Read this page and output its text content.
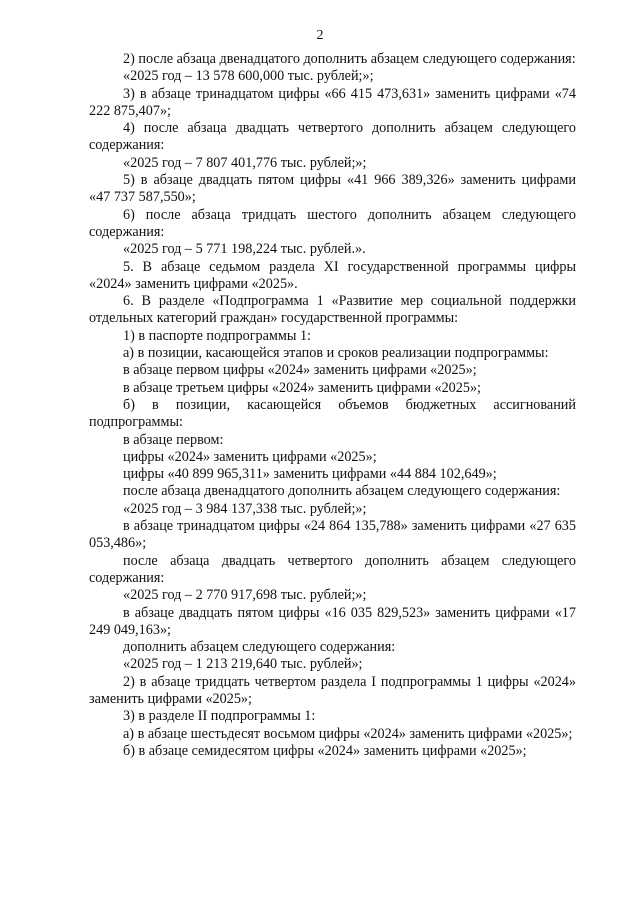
2

2) после абзаца двенадцатого дополнить абзацем следующего содержания:

«2025 год – 13 578 600,000 тыс. рублей;»;

3) в абзаце тринадцатом цифры «66 415 473,631» заменить цифрами «74 222 875,407»;

4) после абзаца двадцать четвертого дополнить абзацем следующего содержания:

«2025 год – 7 807 401,776 тыс. рублей;»;

5) в абзаце двадцать пятом цифры «41 966 389,326» заменить цифрами «47 737 587,550»;

6) после абзаца тридцать шестого дополнить абзацем следующего содержания:

«2025 год – 5 771 198,224 тыс. рублей.».

5. В абзаце седьмом раздела XI государственной программы цифры «2024» заменить цифрами «2025».

6. В разделе «Подпрограмма 1 «Развитие мер социальной поддержки отдельных категорий граждан» государственной программы:

1) в паспорте подпрограммы 1:

а) в позиции, касающейся этапов и сроков реализации подпрограммы:

в абзаце первом цифры «2024» заменить цифрами «2025»;

в абзаце третьем цифры «2024» заменить цифрами «2025»;

б) в позиции, касающейся объемов бюджетных ассигнований подпрограммы:

в абзаце первом:

цифры «2024» заменить цифрами «2025»;

цифры «40 899 965,311» заменить цифрами «44 884 102,649»;

после абзаца двенадцатого дополнить абзацем следующего содержания:

«2025 год – 3 984 137,338 тыс. рублей;»;

в абзаце тринадцатом цифры «24 864 135,788» заменить цифрами «27 635 053,486»;

после абзаца двадцать четвертого дополнить абзацем следующего содержания:

«2025 год – 2 770 917,698 тыс. рублей;»;

в абзаце двадцать пятом цифры «16 035 829,523» заменить цифрами «17 249 049,163»;

дополнить абзацем следующего содержания:

«2025 год – 1 213 219,640 тыс. рублей»;

2) в абзаце тридцать четвертом раздела I подпрограммы 1 цифры «2024» заменить цифрами «2025»;

3) в разделе II подпрограммы 1:

а) в абзаце шестьдесят восьмом цифры «2024» заменить цифрами «2025»;

б) в абзаце семидесятом цифры «2024» заменить цифрами «2025»;
